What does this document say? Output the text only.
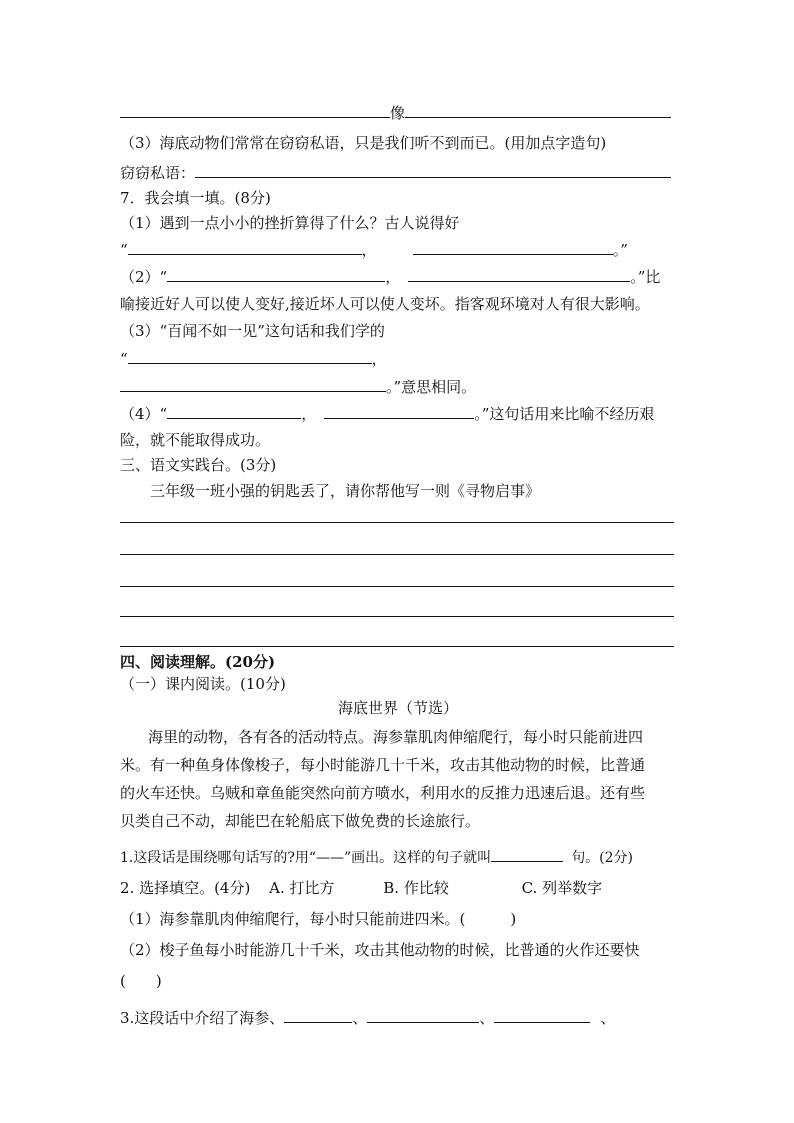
像
（3）海底动物们常常在窃窃私语，只是我们听不到而已。(用加点字造句)
窃窃私语：
7．我会填一填。(8分)
（1）遇到一点小小的挫折算得了什么？古人说得好
“	，	。”
（2）“	，	。”比
喻接近好人可以使人变好,接近坏人可以使人变坏。指客观环境对人有很大影响。
（3）“百闻不如一见”这句话和我们学的
“	，
。”意思相同。
（4）“	，	。”这句话用来比喻不经历艰
险，就不能取得成功。
三、语文实践台。(3分)
三年级一班小强的钥匙丢了，请你帮他写一则《寻物启事》
四、阅读理解。(20分)
（一）课内阅读。(10分)
海底世界（节选）
海里的动物，各有各的活动特点。海参靠肌肉伸缩爬行，每小时只能前进四
米。有一种鱼身体像梭子，每小时能游几十千米，攻击其他动物的时候，比普通
的火车还快。乌贼和章鱼能突然向前方喷水，利用水的反推力迅速后退。还有些
贝类自己不动，却能巴在轮船底下做免费的长途旅行。
1.这段话是围绕哪句话写的?用“——”画出。这样的句子就叫	句。(2分)
2. 选择填空。(4分) A. 打比方	B. 作比较	C. 列举数字
（1）海参靠肌肉伸缩爬行，每小时只能前进四米。(　　　)
（2）梭子鱼每小时能游几十千米，攻击其他动物的时候，比普通的火作还要快
(　　)
3.这段话中介绍了海参、	、	、	、
